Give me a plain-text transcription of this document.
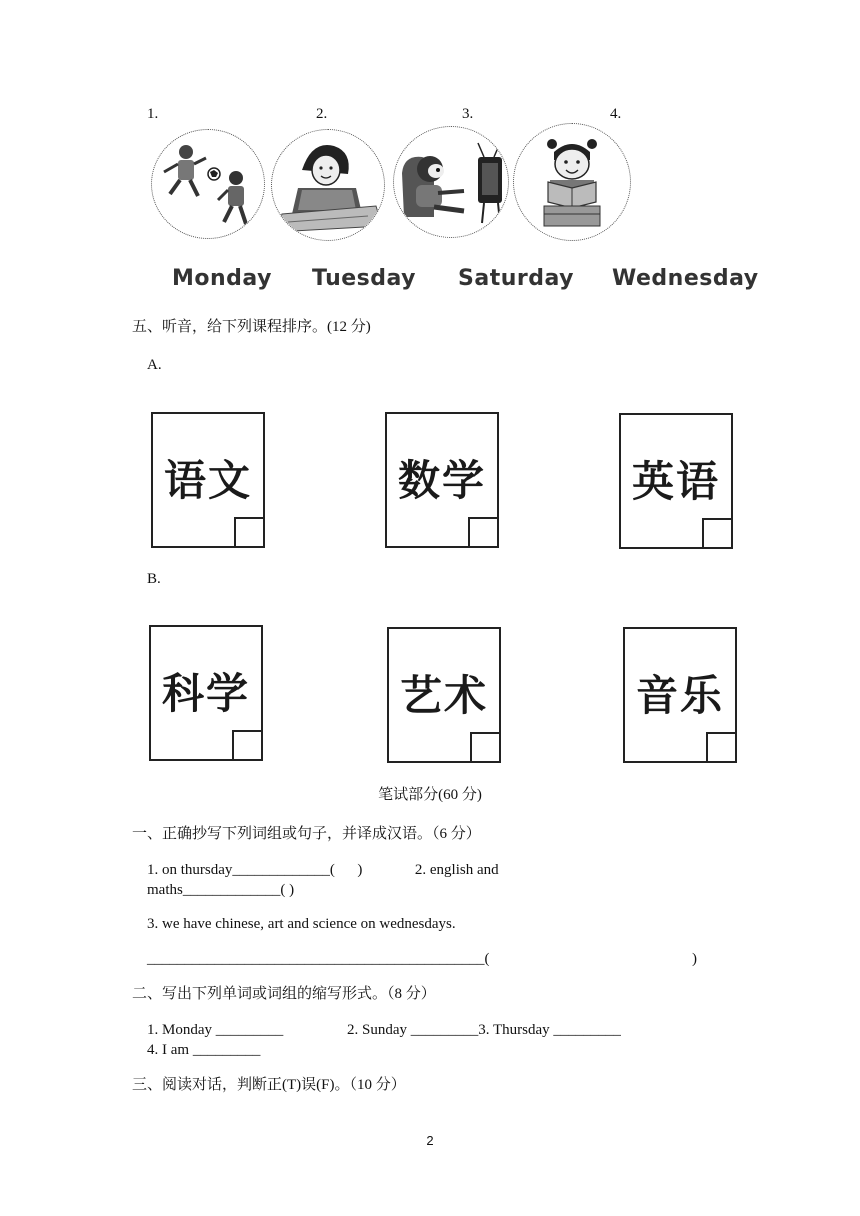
1.	2.	3.	4.
Monday Tuesday Saturday Wednesday
五、听音，给下列课程排序。(12 分)
A.
语文	数学	英语
B.
科学	艺术	音乐
笔试部分(60 分)
一、正确抄写下列词组或句子，并译成汉语。（6 分）
1. on thursday_____________(      )              2. english and
maths_____________( )
3. we have chinese, art and science on wednesdays.
_____________________________________________(	)
二、写出下列单词或词组的缩写形式。（8 分）
1. Monday _________                 2. Sunday _________3. Thursday _________
4. I am _________
三、阅读对话，判断正(T)误(F)。（10 分）
2
